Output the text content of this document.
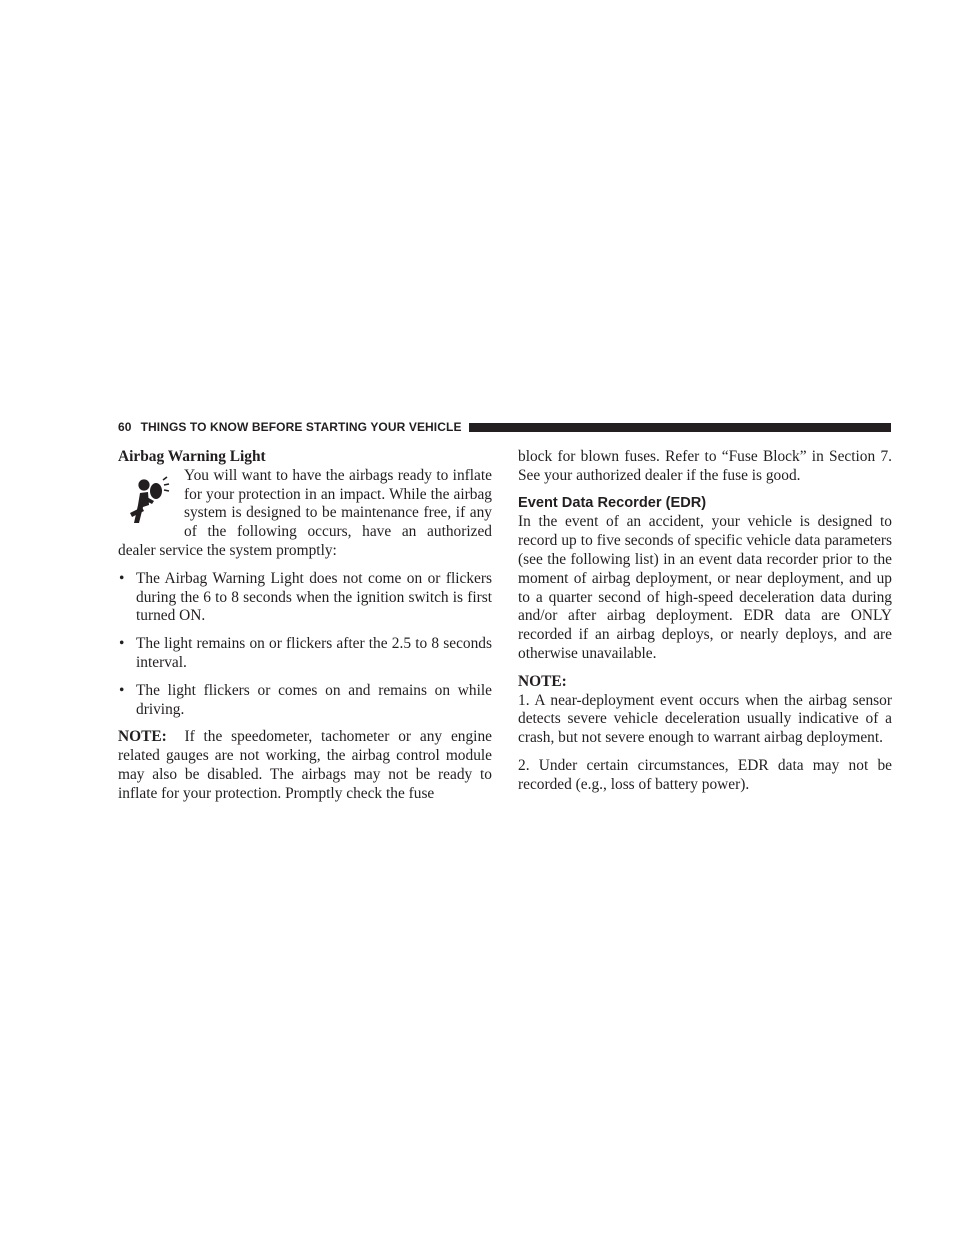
60 THINGS TO KNOW BEFORE STARTING YOUR VEHICLE
Airbag Warning Light

You will want to have the airbags ready to inflate for your protection in an impact. While the airbag system is designed to be maintenance free, if any of the following occurs, have an authorized dealer service the system promptly:

• The Airbag Warning Light does not come on or flickers during the 6 to 8 seconds when the ignition switch is first turned ON.
• The light remains on or flickers after the 2.5 to 8 seconds interval.
• The light flickers or comes on and remains on while driving.

NOTE: If the speedometer, tachometer or any engine related gauges are not working, the airbag control module may also be disabled. The airbags may not be ready to inflate for your protection. Promptly check the fuse

block for blown fuses. Refer to “Fuse Block” in Section 7. See your authorized dealer if the fuse is good.

Event Data Recorder (EDR)

In the event of an accident, your vehicle is designed to record up to five seconds of specific vehicle data parameters (see the following list) in an event data recorder prior to the moment of airbag deployment, or near deployment, and up to a quarter second of high-speed deceleration data during and/or after airbag deployment. EDR data are ONLY recorded if an airbag deploys, or nearly deploys, and are otherwise unavailable.

NOTE:

1. A near-deployment event occurs when the airbag sensor detects severe vehicle deceleration usually indicative of a crash, but not severe enough to warrant airbag deployment.

2. Under certain circumstances, EDR data may not be recorded (e.g., loss of battery power).
